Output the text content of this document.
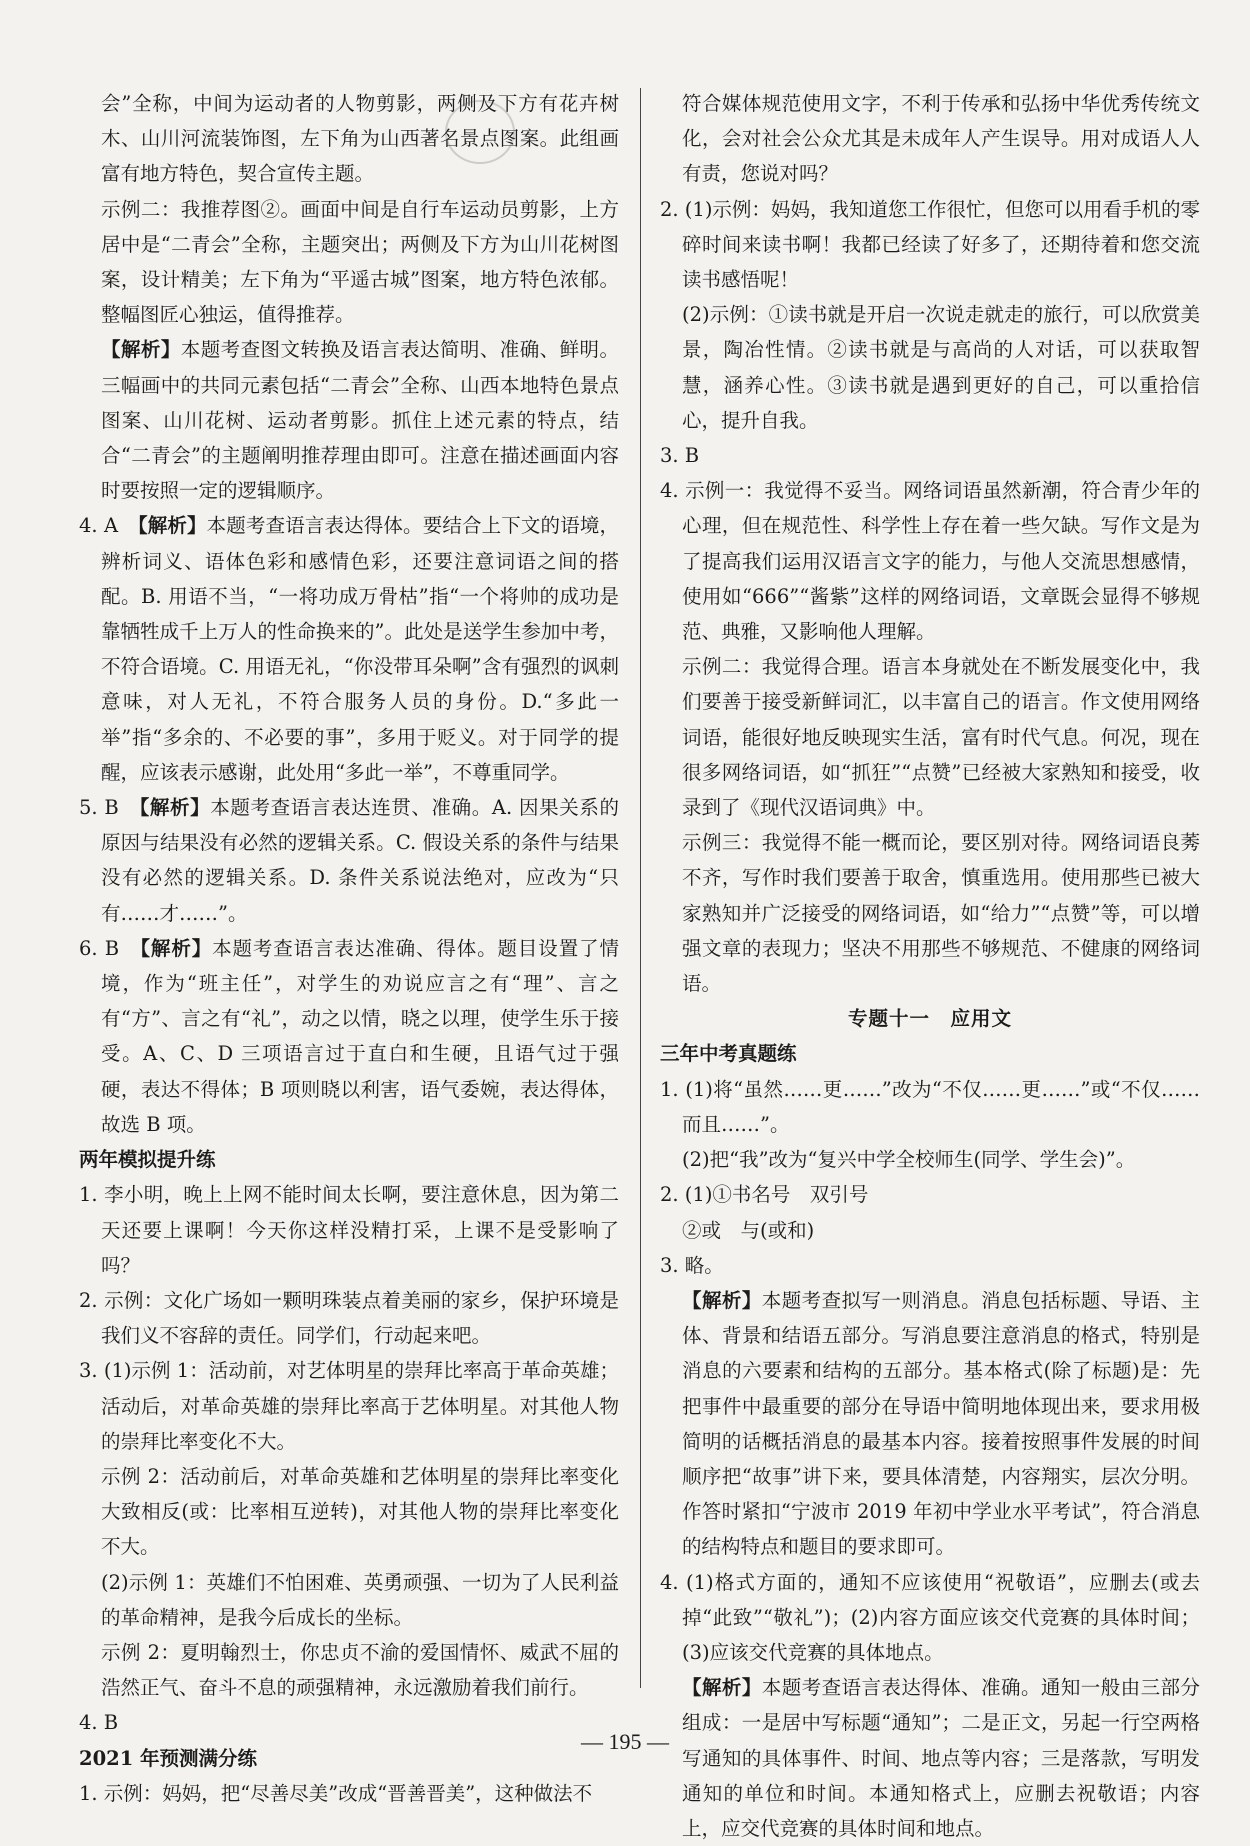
会”全称，中间为运动者的人物剪影，两侧及下方有花卉树木、山川河流装饰图，左下角为山西著名景点图案。此组画富有地方特色，契合宣传主题。
示例二：我推荐图②。画面中间是自行车运动员剪影，上方居中是“二青会”全称，主题突出；两侧及下方为山川花树图案，设计精美；左下角为“平遥古城”图案，地方特色浓郁。整幅图匠心独运，值得推荐。
【解析】本题考查图文转换及语言表达简明、准确、鲜明。三幅画中的共同元素包括“二青会”全称、山西本地特色景点图案、山川花树、运动者剪影。抓住上述元素的特点，结合“二青会”的主题阐明推荐理由即可。注意在描述画面内容时要按照一定的逻辑顺序。
4. A　【解析】本题考查语言表达得体。要结合上下文的语境，辨析词义、语体色彩和感情色彩，还要注意词语之间的搭配。B. 用语不当，“一将功成万骨枯”指“一个将帅的成功是靠牺牲成千上万人的性命换来的”。此处是送学生参加中考，不符合语境。C. 用语无礼，“你没带耳朵啊”含有强烈的讽刺意味，对人无礼，不符合服务人员的身份。D.“多此一举”指“多余的、不必要的事”，多用于贬义。对于同学的提醒，应该表示感谢，此处用“多此一举”，不尊重同学。
5. B　【解析】本题考查语言表达连贯、准确。A. 因果关系的原因与结果没有必然的逻辑关系。C. 假设关系的条件与结果没有必然的逻辑关系。D. 条件关系说法绝对，应改为“只有……才……”。
6. B　【解析】本题考查语言表达准确、得体。题目设置了情境，作为“班主任”，对学生的劝说应言之有“理”、言之有“方”、言之有“礼”，动之以情，晓之以理，使学生乐于接受。A、C、D 三项语言过于直白和生硬，且语气过于强硬，表达不得体；B 项则晓以利害，语气委婉，表达得体，故选 B 项。
两年模拟提升练
1. 李小明，晚上上网不能时间太长啊，要注意休息，因为第二天还要上课啊！今天你这样没精打采，上课不是受影响了吗？
2. 示例：文化广场如一颗明珠装点着美丽的家乡，保护环境是我们义不容辞的责任。同学们，行动起来吧。
3. (1)示例 1：活动前，对艺体明星的崇拜比率高于革命英雄；活动后，对革命英雄的崇拜比率高于艺体明星。对其他人物的崇拜比率变化不大。
示例 2：活动前后，对革命英雄和艺体明星的崇拜比率变化大致相反(或：比率相互逆转)，对其他人物的崇拜比率变化不大。
(2)示例 1：英雄们不怕困难、英勇顽强、一切为了人民利益的革命精神，是我今后成长的坐标。
示例 2：夏明翰烈士，你忠贞不渝的爱国情怀、威武不屈的浩然正气、奋斗不息的顽强精神，永远激励着我们前行。
4. B
2021 年预测满分练
1. 示例：妈妈，把“尽善尽美”改成“晋善晋美”，这种做法不
符合媒体规范使用文字，不利于传承和弘扬中华优秀传统文化，会对社会公众尤其是未成年人产生误导。用对成语人人有责，您说对吗？
2. (1)示例：妈妈，我知道您工作很忙，但您可以用看手机的零碎时间来读书啊！我都已经读了好多了，还期待着和您交流读书感悟呢！
(2)示例：①读书就是开启一次说走就走的旅行，可以欣赏美景，陶冶性情。②读书就是与高尚的人对话，可以获取智慧，涵养心性。③读书就是遇到更好的自己，可以重拾信心，提升自我。
3. B
4. 示例一：我觉得不妥当。网络词语虽然新潮，符合青少年的心理，但在规范性、科学性上存在着一些欠缺。写作文是为了提高我们运用汉语言文字的能力，与他人交流思想感情，使用如“666”“酱紫”这样的网络词语，文章既会显得不够规范、典雅，又影响他人理解。
示例二：我觉得合理。语言本身就处在不断发展变化中，我们要善于接受新鲜词汇，以丰富自己的语言。作文使用网络词语，能很好地反映现实生活，富有时代气息。何况，现在很多网络词语，如“抓狂”“点赞”已经被大家熟知和接受，收录到了《现代汉语词典》中。
示例三：我觉得不能一概而论，要区别对待。网络词语良莠不齐，写作时我们要善于取舍，慎重选用。使用那些已被大家熟知并广泛接受的网络词语，如“给力”“点赞”等，可以增强文章的表现力；坚决不用那些不够规范、不健康的网络词语。
专题十一　应用文
三年中考真题练
1. (1)将“虽然……更……”改为“不仅……更……”或“不仅……而且……”。
(2)把“我”改为“复兴中学全校师生(同学、学生会)”。
2. (1)①书名号　双引号
②或　与(或和)
3. 略。
【解析】本题考查拟写一则消息。消息包括标题、导语、主体、背景和结语五部分。写消息要注意消息的格式，特别是消息的六要素和结构的五部分。基本格式(除了标题)是：先把事件中最重要的部分在导语中简明地体现出来，要求用极简明的话概括消息的最基本内容。接着按照事件发展的时间顺序把“故事”讲下来，要具体清楚，内容翔实，层次分明。作答时紧扣“宁波市 2019 年初中学业水平考试”，符合消息的结构特点和题目的要求即可。
4. (1)格式方面的，通知不应该使用“祝敬语”，应删去(或去掉“此致”“敬礼”)；(2)内容方面应该交代竞赛的具体时间；(3)应该交代竞赛的具体地点。
【解析】本题考查语言表达得体、准确。通知一般由三部分组成：一是居中写标题“通知”；二是正文，另起一行空两格写通知的具体事件、时间、地点等内容；三是落款，写明发通知的单位和时间。本通知格式上，应删去祝敬语；内容上，应交代竞赛的具体时间和地点。
— 195 —
